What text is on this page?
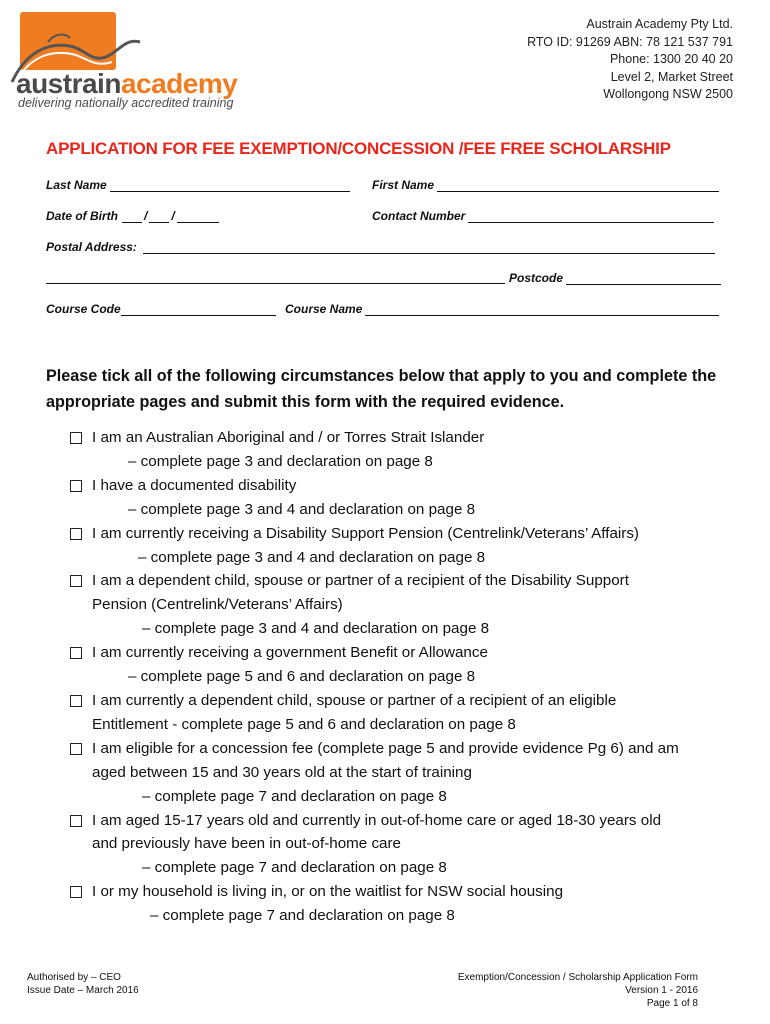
austrainacademy
delivering nationally accredited training
Austrain Academy Pty Ltd.
RTO ID: 91269 ABN: 78 121 537 791
Phone: 1300 20 40 20
Level 2, Market Street
Wollongong NSW 2500
APPLICATION FOR FEE EXEMPTION/CONCESSION /FEE FREE SCHOLARSHIP
Last Name	First Name
Date of Birth / /	Contact Number
Postal Address:
Postcode
Course Code	Course Name
Please tick all of the following circumstances below that apply to you and complete the appropriate pages and submit this form with the required evidence.
I am an Australian Aboriginal and / or Torres Strait Islander
– complete page 3 and declaration on page 8
I have a documented disability
– complete page 3 and 4 and declaration on page 8
I am currently receiving a Disability Support Pension (Centrelink/Veterans’ Affairs)
– complete page 3 and 4 and declaration on page 8
I am a dependent child, spouse or partner of a recipient of the Disability Support
Pension (Centrelink/Veterans’ Affairs)
– complete page 3 and 4 and declaration on page 8
I am currently receiving a government Benefit or Allowance
– complete page 5 and 6 and declaration on page 8
I am currently a dependent child, spouse or partner of a recipient of an eligible
Entitlement - complete page 5 and 6 and declaration on page 8
I am eligible for a concession fee (complete page 5 and provide evidence Pg 6) and am
aged between 15 and 30 years old at the start of training
– complete page 7 and declaration on page 8
I am aged 15-17 years old and currently in out-of-home care or aged 18-30 years old
and previously have been in out-of-home care
– complete page 7 and declaration on page 8
I or my household is living in, or on the waitlist for NSW social housing
– complete page 7 and declaration on page 8
Authorised by – CEO
Issue Date – March 2016
Exemption/Concession / Scholarship Application Form
Version 1 - 2016
Page 1 of 8
